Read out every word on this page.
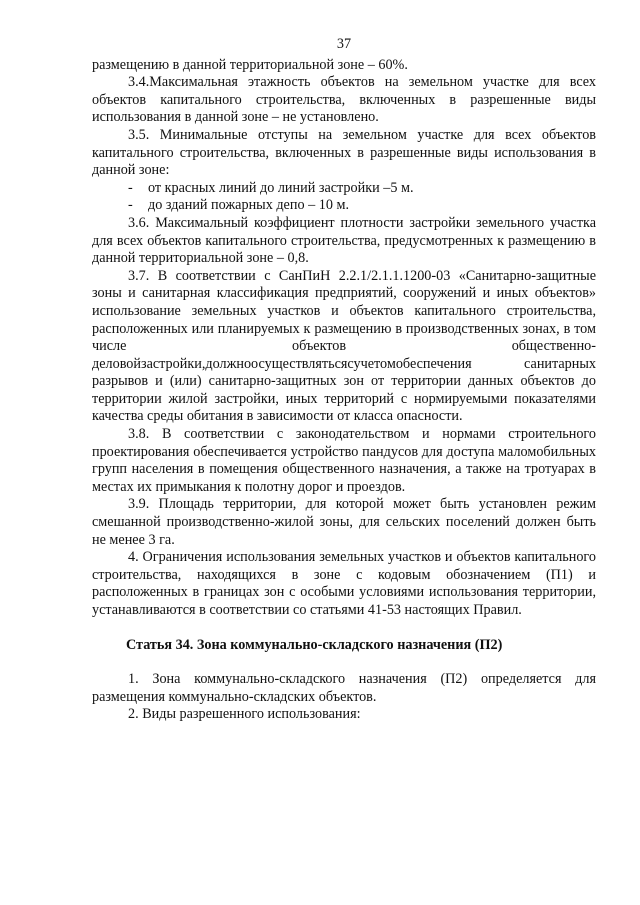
37

размещению в данной территориальной зоне – 60%.

3.4.Максимальная этажность объектов на земельном участке для всех объектов капитального строительства, включенных в разрешенные виды использования в данной зоне – не установлено.

3.5. Минимальные отступы на земельном участке для всех объектов капитального строительства, включенных в разрешенные виды использования в данной зоне:

- от красных линий до линий застройки –5 м.
- до зданий пожарных депо – 10 м.

3.6. Максимальный коэффициент плотности застройки земельного участка для всех объектов капитального строительства, предусмотренных к размещению в данной территориальной зоне – 0,8.

3.7. В соответствии с СанПиН 2.2.1/2.1.1.1200-03 «Санитарно-защитные зоны и санитарная классификация предприятий, сооружений и иных объектов» использование земельных участков и объектов капитального строительства, расположенных или планируемых к размещению в производственных зонах, в том числе объектов общественно-деловойзастройки,должноосуществлятьсясучетомобеспечения санитарных разрывов и (или) санитарно-защитных зон от территории данных объектов до территории жилой застройки, иных территорий с нормируемыми показателями качества среды обитания в зависимости от класса опасности.

3.8. В соответствии с законодательством и нормами строительного проектирования обеспечивается устройство пандусов для доступа маломобильных групп населения в помещения общественного назначения, а также на тротуарах в местах их примыкания к полотну дорог и проездов.

3.9. Площадь территории, для которой может быть установлен режим смешанной производственно-жилой зоны, для сельских поселений должен быть не менее 3 га.

4. Ограничения использования земельных участков и объектов капитального строительства, находящихся в зоне с кодовым обозначением (П1) и расположенных в границах зон с особыми условиями использования территории, устанавливаются в соответствии со статьями 41-53 настоящих Правил.

Статья 34. Зона коммунально-складского назначения (П2)

1. Зона коммунально-складского назначения (П2) определяется для размещения коммунально-складских объектов.

2. Виды разрешенного использования:
